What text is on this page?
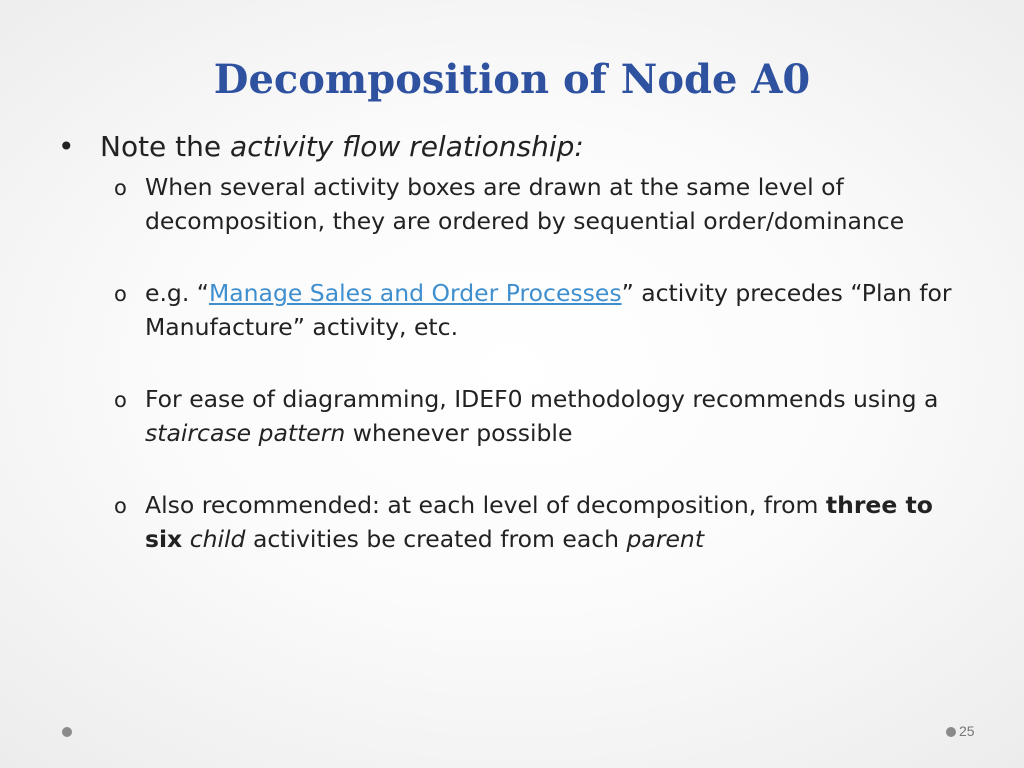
Decomposition of Node A0
• Note the activity flow relationship:
o When several activity boxes are drawn at the same level of decomposition, they are ordered by sequential order/dominance
o e.g. “Manage Sales and Order Processes” activity precedes “Plan for Manufacture” activity, etc.
o For ease of diagramming, IDEF0 methodology recommends using a staircase pattern whenever possible
o Also recommended: at each level of decomposition, from three to six child activities be created from each parent
25
